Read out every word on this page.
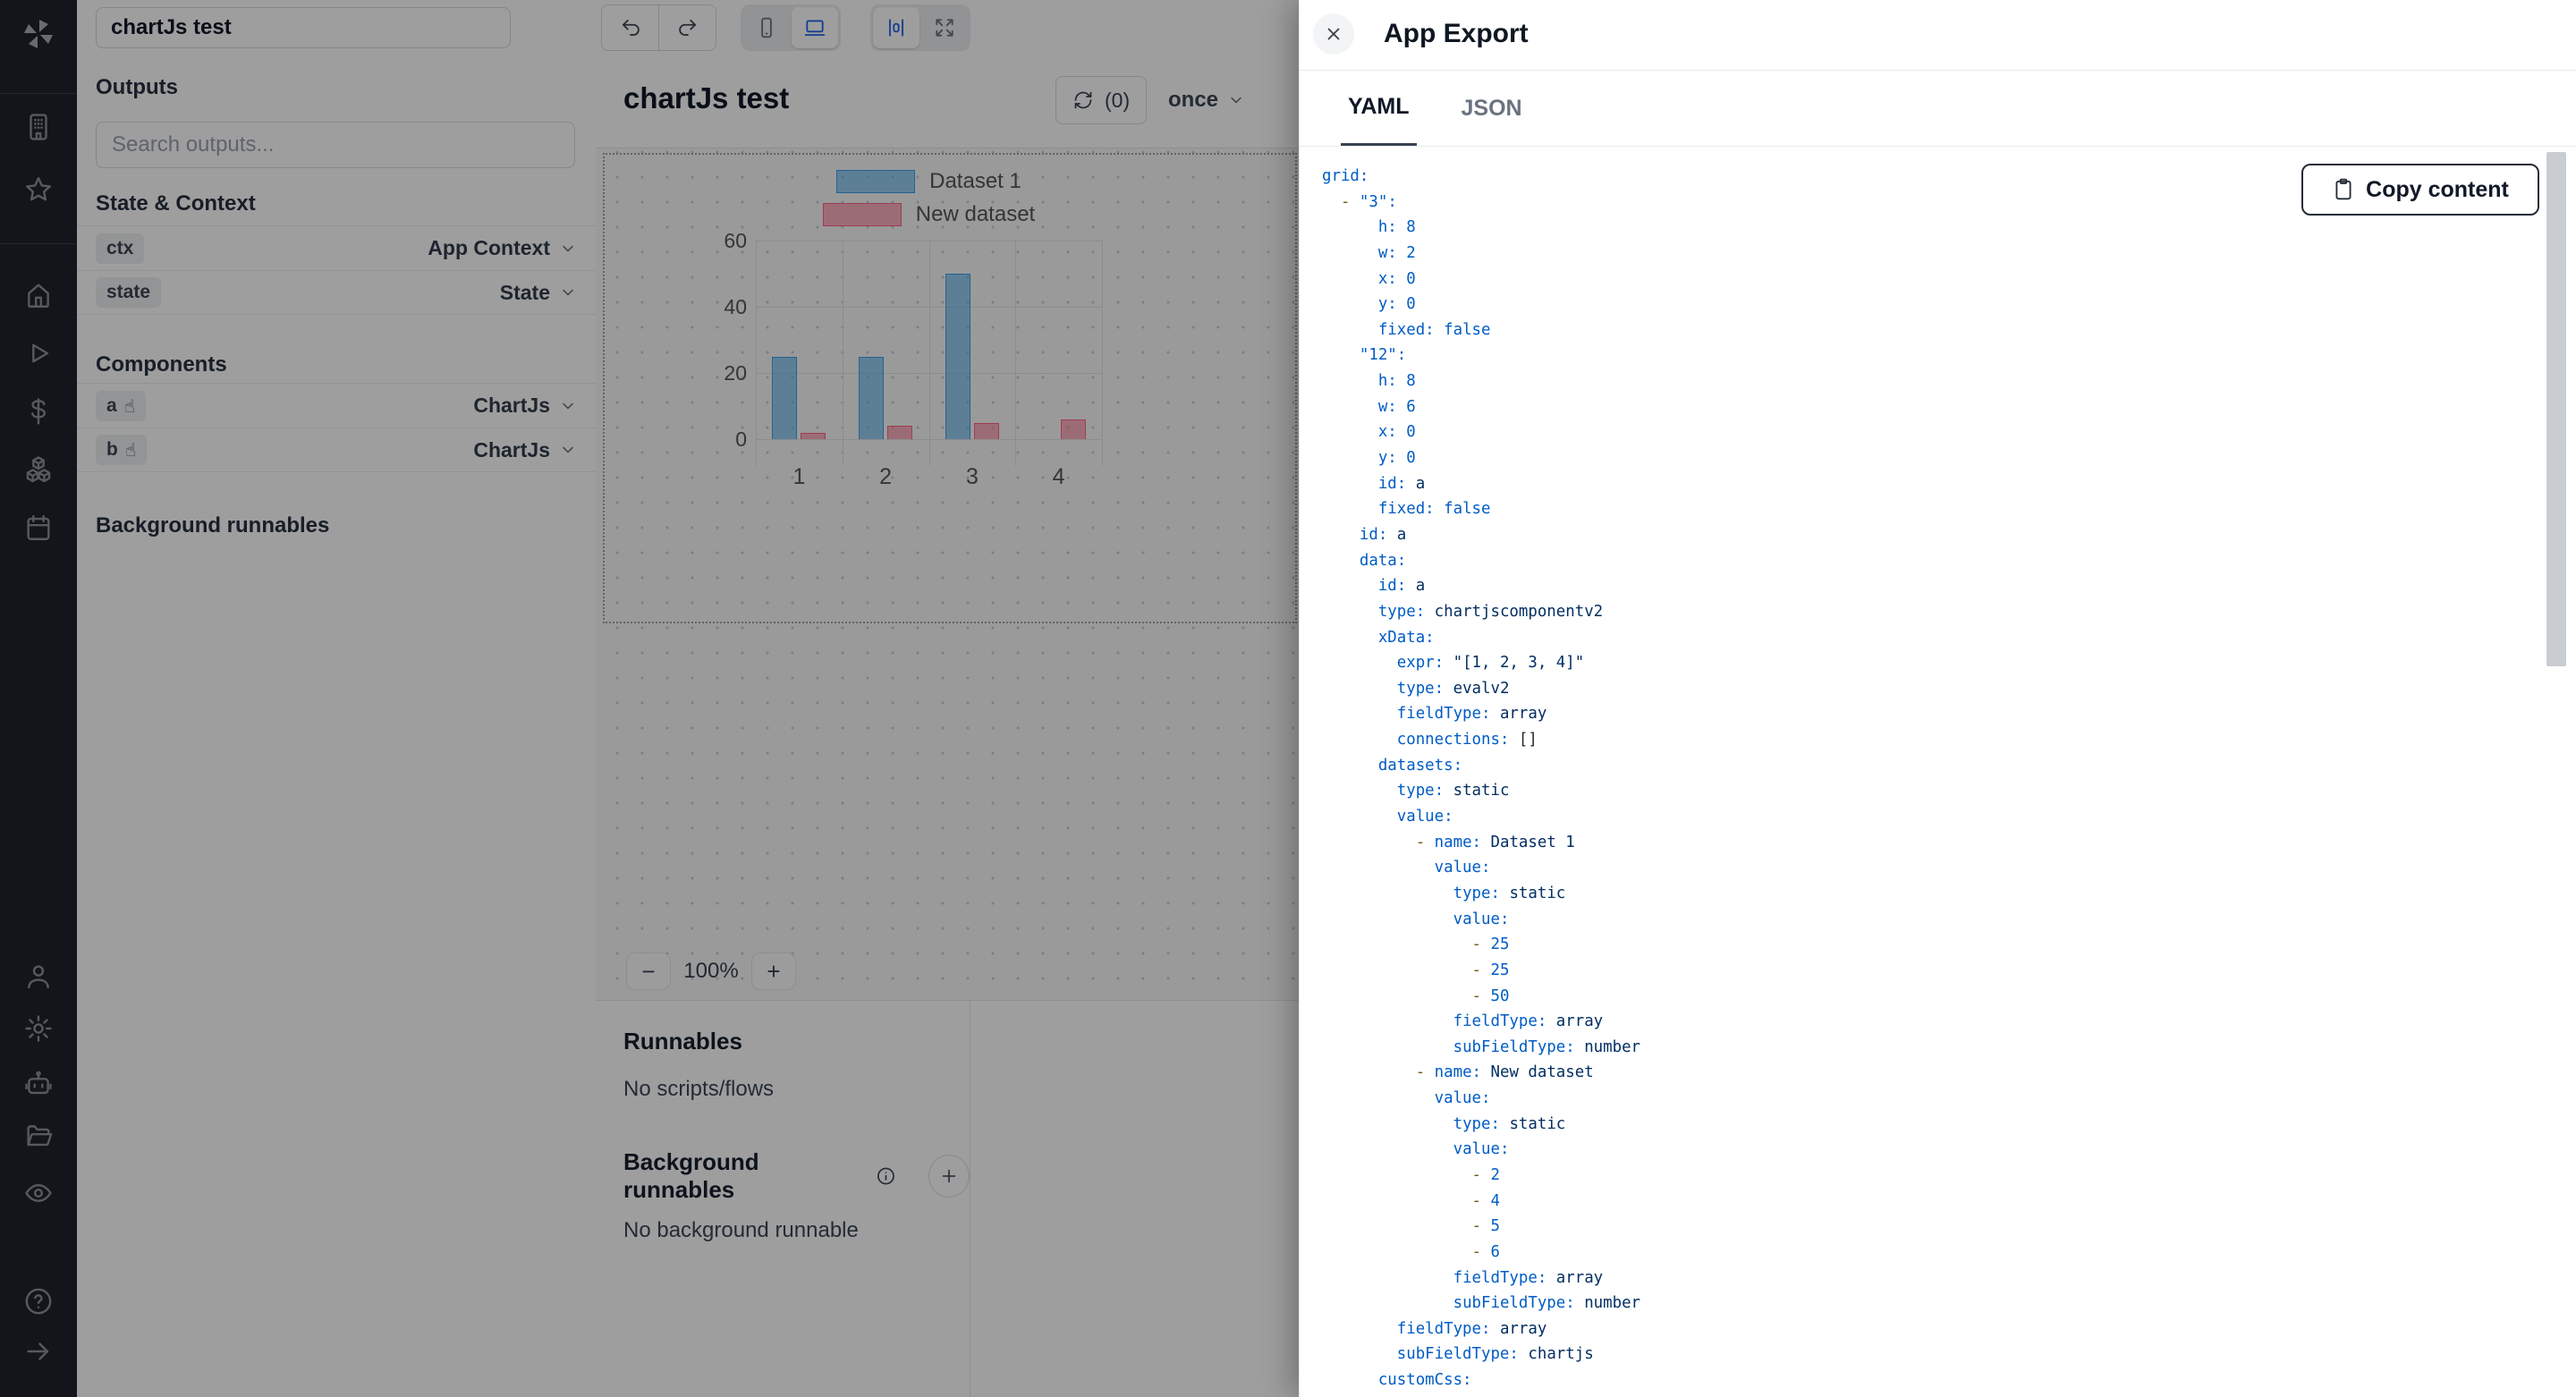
chartJs test
Outputs
Search outputs...
State & Context
ctx	App Context
state	State
Components
a ☝	ChartJs
b ☝	ChartJs
Background runnables
chartJs test	(0) once
Dataset 1
New dataset
0
20
40
60
1	2	3	4
−	100%	+
Runnables
No scripts/flows
Background runnables
No background runnable
App Export
YAML	JSON
Copy content
grid:
- "3":
h: 8
w: 2
x: 0
y: 0
fixed: false
"12":
h: 8
w: 6
x: 0
y: 0
id: a
fixed: false
id: a
data:
id: a
type: chartjscomponentv2
xData:
expr: "[1, 2, 3, 4]"
type: evalv2
fieldType: array
connections: []
datasets:
type: static
value:
- name: Dataset 1
value:
type: static
value:
- 25
- 25
- 50
fieldType: array
subFieldType: number
- name: New dataset
value:
type: static
value:
- 2
- 4
- 5
- 6
fieldType: array
subFieldType: number
fieldType: array
subFieldType: chartjs
customCss:
